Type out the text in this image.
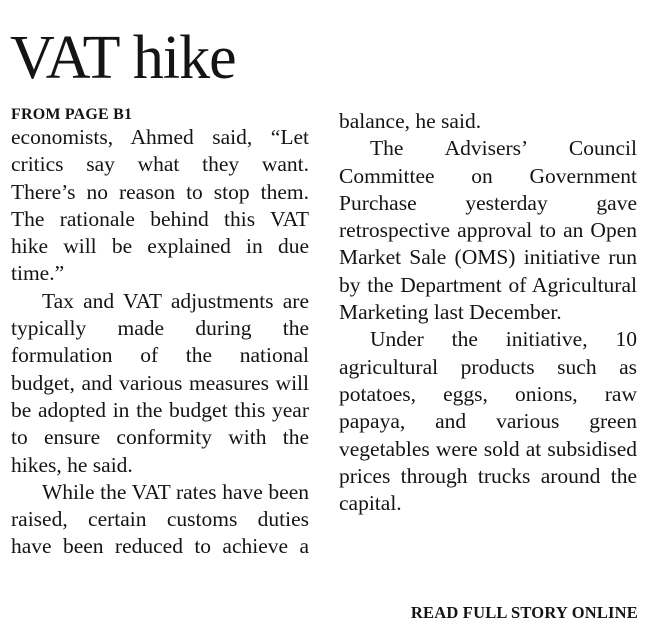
VAT hike
FROM PAGE B1

economists, Ahmed said, “Let critics say what they want. There’s no reason to stop them. The rationale behind this VAT hike will be explained in due time.”

Tax and VAT adjustments are typically made during the formulation of the national budget, and various measures will be adopted in the budget this year to ensure conformity with the hikes, he said.

While the VAT rates have been raised, certain customs duties have been reduced to achieve a

balance, he said.

The Advisers’ Council Committee on Government Purchase yesterday gave retrospective approval to an Open Market Sale (OMS) initiative run by the Department of Agricultural Marketing last December.

Under the initiative, 10 agricultural products such as potatoes, eggs, onions, raw papaya, and various green vegetables were sold at subsidised prices through trucks around the capital.

READ FULL STORY ONLINE
